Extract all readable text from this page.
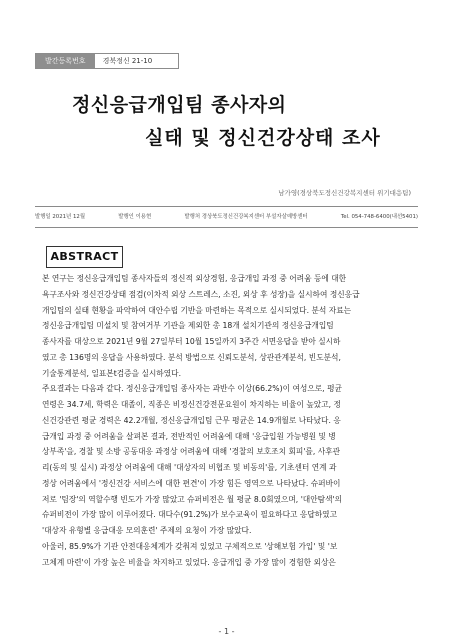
발간등록번호	경북정신 21-10
정신응급개입팀 종사자의
실태 및 정신건강상태 조사
남가영(경상북도정신건강복지센터 위기대응팀)
발행일 2021년 12월	발행인 이용현	발행처 경상북도정신건강복지센터 부설자살예방센터	Tel. 054-748-6400(내선5401)
ABSTRACT
본 연구는 정신응급개입팀 종사자들의 정신적 외상경험, 응급개입 과정 중 어려움 등에 대한
욕구조사와 정신건강상태 점검(이차적 외상 스트레스, 소진, 외상 후 성장)을 실시하여 정신응급
개입팀의 실태 현황을 파악하여 대안수립 기반을 마련하는 목적으로 실시되었다. 분석 자료는
정신응급개입팀 미설치 및 참여거부 기관을 제외한 총 18개 설치기관의 정신응급개입팀
종사자를 대상으로 2021년 9월 27일부터 10월 15일까지 3주간 서면응답을 받아 실시하
였고 총 136명의 응답을 사용하였다. 분석 방법으로 신뢰도분석, 상관관계분석, 빈도분석,
기술통계분석, 일표본t검증을 실시하였다.
주요결과는 다음과 같다. 정신응급개입팀 종사자는 과반수 이상(66.2%)이 여성으로, 평균
연령은 34.7세, 학력은 대졸이, 직종은 비정신건강전문요원이 차지하는 비율이 높았고, 정
신건강관련 평균 경력은 42.2개월, 정신응급개입팀 근무 평균은 14.9개월로 나타났다. 응
급개입 과정 중 어려움을 살펴본 결과, 전반적인 어려움에 대해 '응급입원 가능병원 및 병
상부족'을, 경찰 및 소방 공동대응 과정상 어려움에 대해 '경찰의 보호조치 회피'를, 사후관
리(동의 및 실시) 과정상 어려움에 대해 '대상자의 비협조 및 비동의'를, 기초센터 연계 과
정상 어려움에서 '정신건강 서비스에 대한 편견'이 가장 힘든 영역으로 나타났다. 슈퍼바이
저로 '팀장'의 역할수행 빈도가 가장 많았고 슈퍼비전은 월 평균 8.0회였으며, '대안탐색'의
슈퍼비전이 가장 많이 이루어졌다. 대다수(91.2%)가 보수교육이 필요하다고 응답하였고
'대상자 유형별 응급대응 모의훈련' 주제의 요청이 가장 많았다.
아울러, 85.9%가 기관 안전대응체계가 갖춰져 있었고 구체적으로 '상해보험 가입' 및 '보
고체계 마련'이 가장 높은 비율을 차지하고 있었다. 응급개입 중 가장 많이 경험한 외상은
- 1 -
